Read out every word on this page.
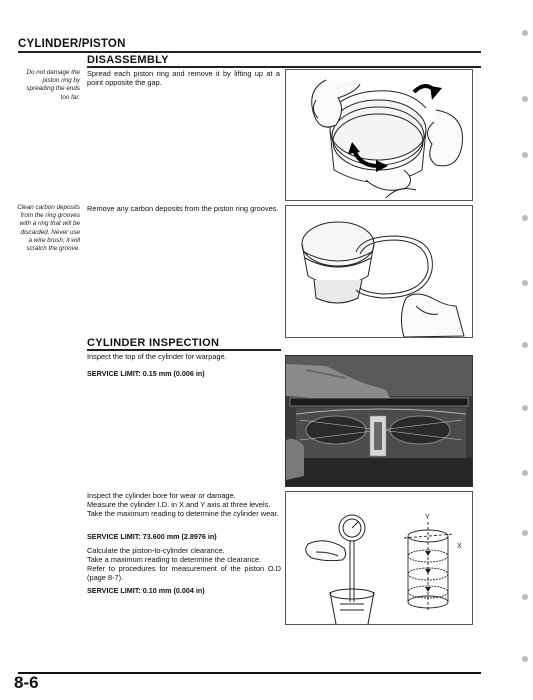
CYLINDER/PISTON
DISASSEMBLY
Do not damage the piston ring by spreading the ends too far.
Spread each piston ring and remove it by lifting up at a point opposite the gap.
Clean carbon deposits from the ring grooves with a ring that will be discarded. Never use a wire brush; it will scratch the groove.
Remove any carbon deposits from the piston ring grooves.
CYLINDER INSPECTION
Inspect the top of the cylinder for warpage.
SERVICE LIMIT: 0.15 mm (0.006 in)
Inspect the cylinder bore for wear or damage.
Measure the cylinder I.D. in X and Y axis at three levels.
Take the maximum reading to determine the cylinder wear.
SERVICE LIMIT: 73.600 mm (2.8976 in)
Calculate the piston-to-cylinder clearance.
Take a maximum reading to determine the clearance.
Refer to procedures for measurement of the piston O.D (page 8-7).
SERVICE LIMIT: 0.10 mm (0.004 in)
Y
X
8-6
